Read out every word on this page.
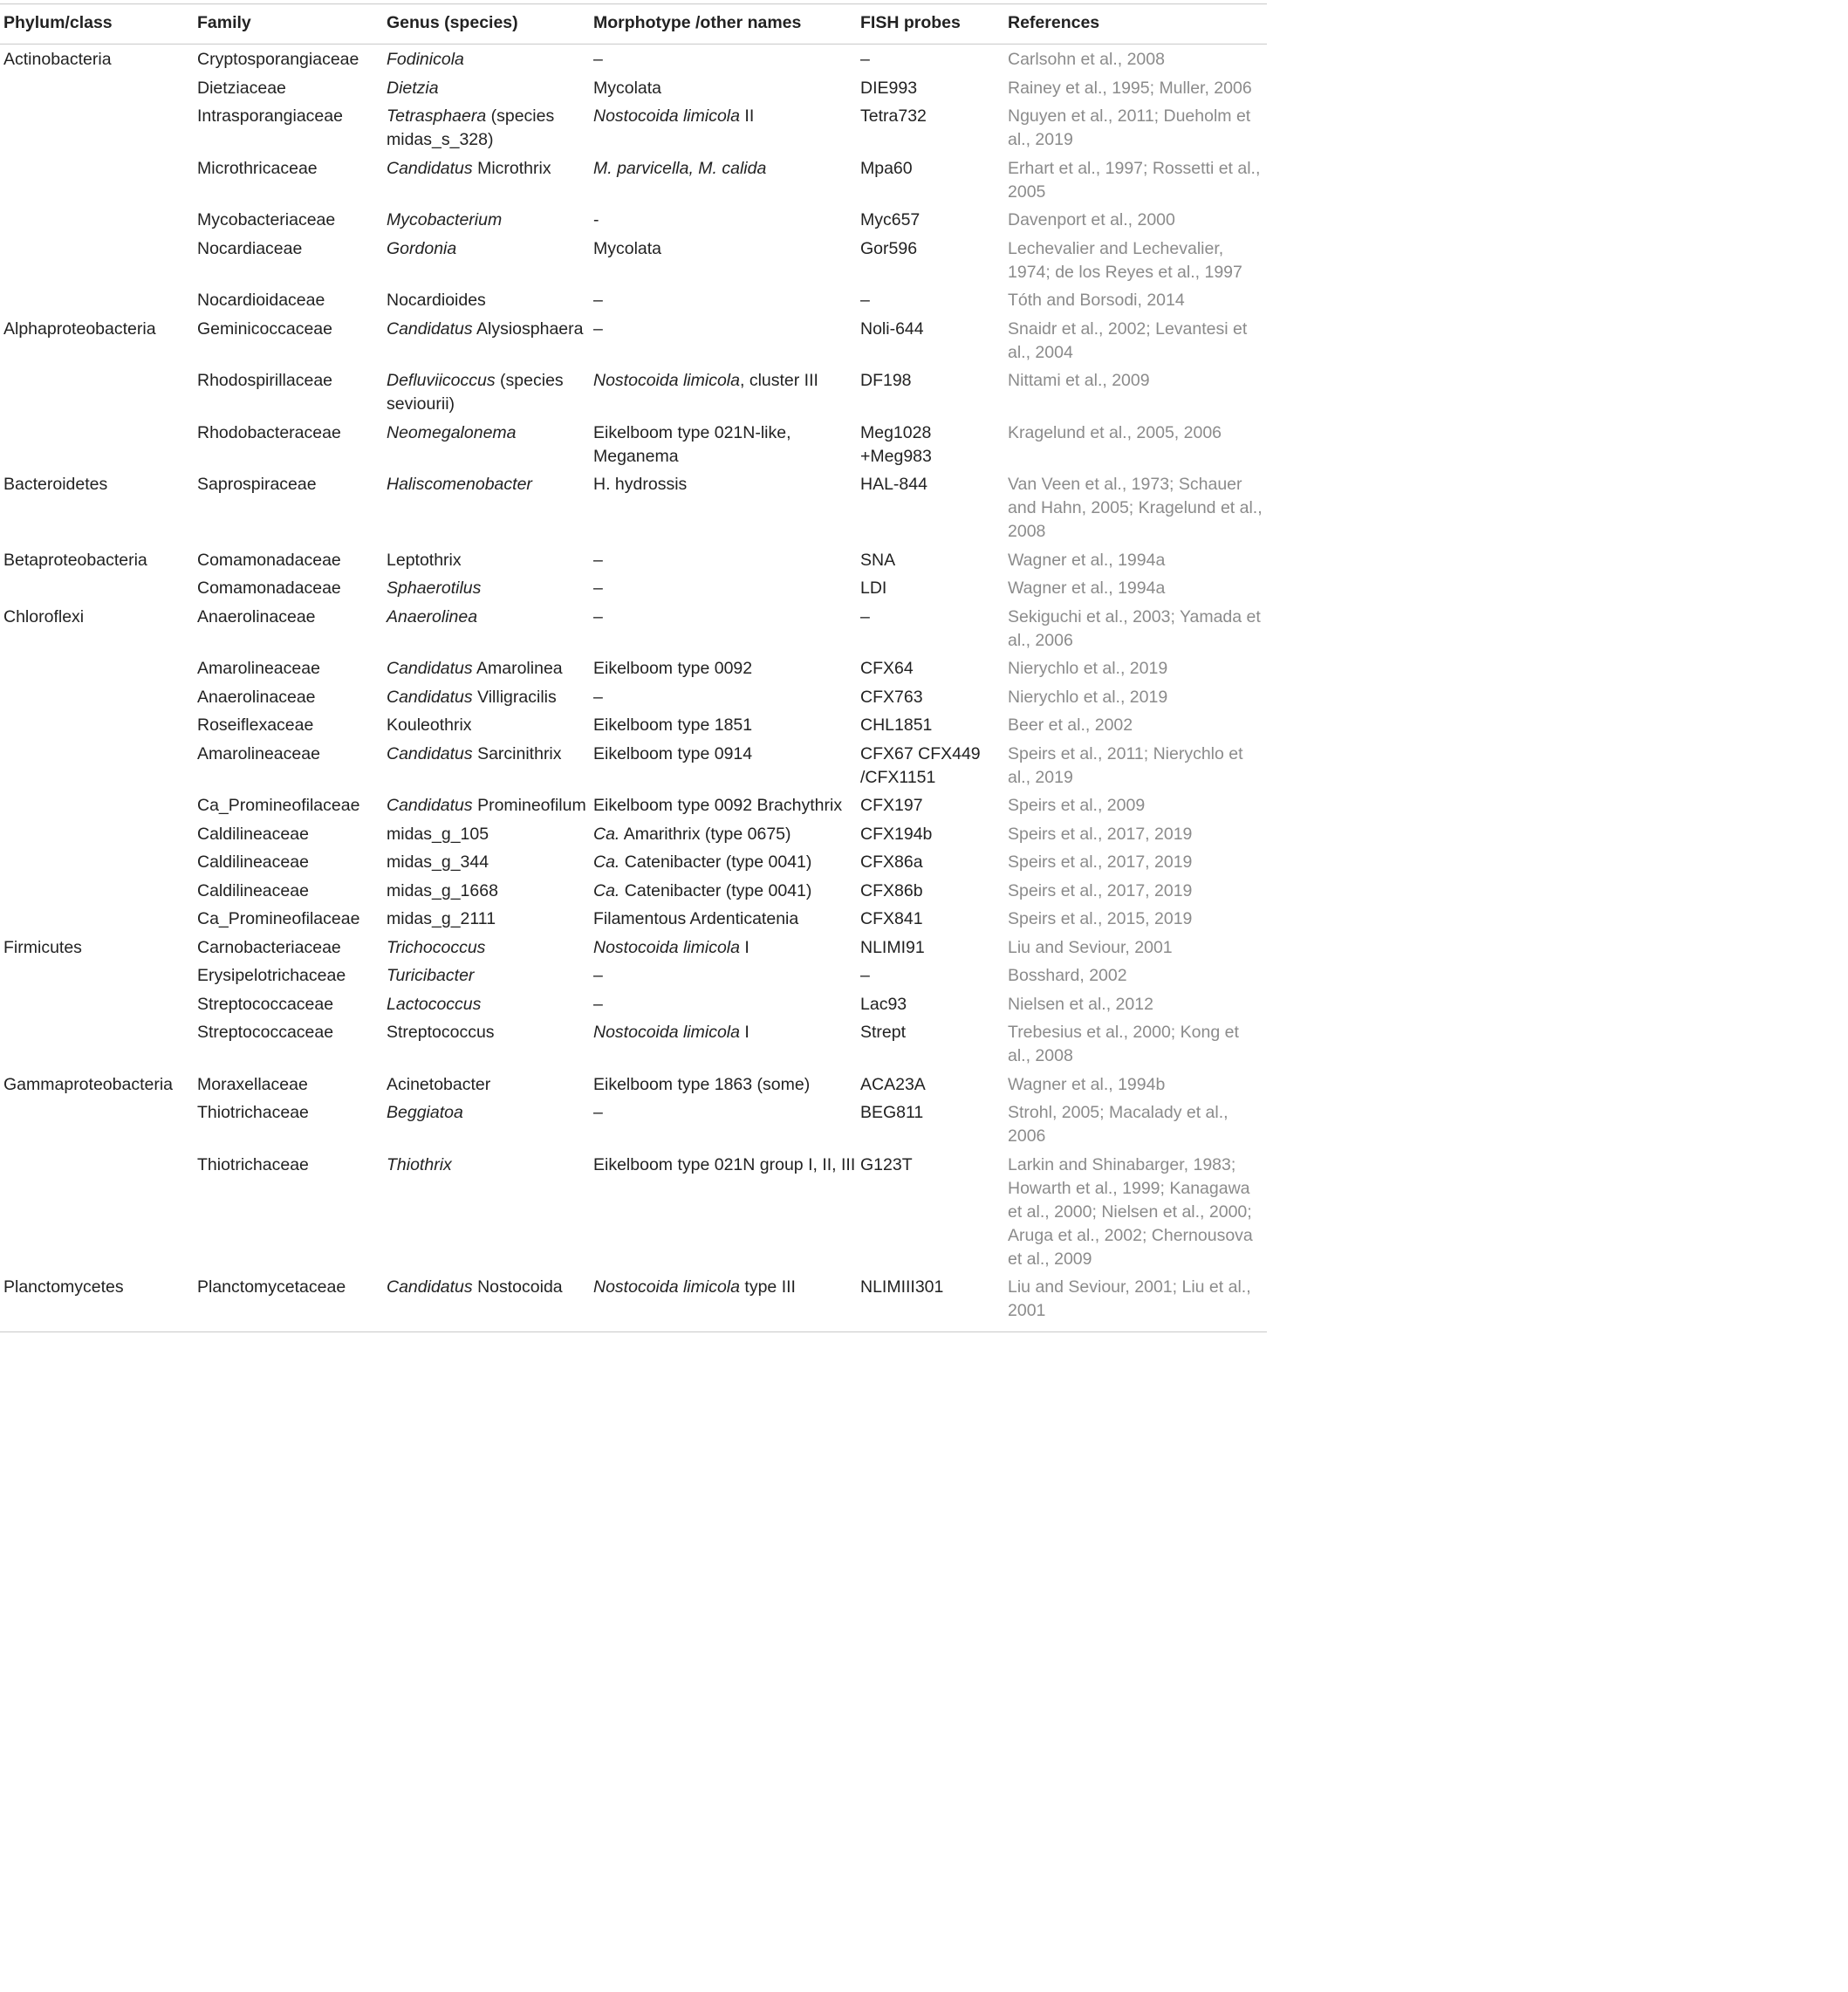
Phylum/class	Family	Genus (species)	Morphotype /other names	FISH probes	References
Actinobacteria	Cryptosporangiaceae	Fodinicola	–	–	Carlsohn et al., 2008
	Dietziaceae	Dietzia	Mycolata	DIE993	Rainey et al., 1995; Muller, 2006
	Intrasporangiaceae	Tetrasphaera (species midas_s_328)	Nostocoida limicola II	Tetra732	Nguyen et al., 2011; Dueholm et al., 2019
	Microthricaceae	Candidatus Microthrix	M. parvicella, M. calida	Mpa60	Erhart et al., 1997; Rossetti et al., 2005
	Mycobacteriaceae	Mycobacterium	-	Myc657	Davenport et al., 2000
	Nocardiaceae	Gordonia	Mycolata	Gor596	Lechevalier and Lechevalier, 1974; de los Reyes et al., 1997
	Nocardioidaceae	Nocardioides	–	–	Tóth and Borsodi, 2014
Alphaproteobacteria	Geminicoccaceae	Candidatus Alysiosphaera	–	Noli-644	Snaidr et al., 2002; Levantesi et al., 2004
	Rhodospirillaceae	Defluviicoccus (species seviourii)	Nostocoida limicola, cluster III	DF198	Nittami et al., 2009
	Rhodobacteraceae	Neomegalonema	Eikelboom type 021N-like, Meganema	Meg1028 +Meg983	Kragelund et al., 2005, 2006
Bacteroidetes	Saprospiraceae	Haliscomenobacter	H. hydrossis	HAL-844	Van Veen et al., 1973; Schauer and Hahn, 2005; Kragelund et al., 2008
Betaproteobacteria	Comamonadaceae	Leptothrix	–	SNA	Wagner et al., 1994a
	Comamonadaceae	Sphaerotilus	–	LDI	Wagner et al., 1994a
Chloroflexi	Anaerolinaceae	Anaerolinea	–	–	Sekiguchi et al., 2003; Yamada et al., 2006
	Amarolineaceae	Candidatus Amarolinea	Eikelboom type 0092	CFX64	Nierychlo et al., 2019
	Anaerolinaceae	Candidatus Villigracilis	–	CFX763	Nierychlo et al., 2019
	Roseiflexaceae	Kouleothrix	Eikelboom type 1851	CHL1851	Beer et al., 2002
	Amarolineaceae	Candidatus Sarcinithrix	Eikelboom type 0914	CFX67 CFX449 /CFX1151	Speirs et al., 2011; Nierychlo et al., 2019
	Ca_Promineofilaceae	Candidatus Promineofilum	Eikelboom type 0092 Brachythrix	CFX197	Speirs et al., 2009
	Caldilineaceae	midas_g_105	Ca. Amarithrix (type 0675)	CFX194b	Speirs et al., 2017, 2019
	Caldilineaceae	midas_g_344	Ca. Catenibacter (type 0041)	CFX86a	Speirs et al., 2017, 2019
	Caldilineaceae	midas_g_1668	Ca. Catenibacter (type 0041)	CFX86b	Speirs et al., 2017, 2019
	Ca_Promineofilaceae	midas_g_2111	Filamentous Ardenticatenia	CFX841	Speirs et al., 2015, 2019
Firmicutes	Carnobacteriaceae	Trichococcus	Nostocoida limicola I	NLIMI91	Liu and Seviour, 2001
	Erysipelotrichaceae	Turicibacter	–	–	Bosshard, 2002
	Streptococcaceae	Lactococcus	–	Lac93	Nielsen et al., 2012
	Streptococcaceae	Streptococcus	Nostocoida limicola I	Strept	Trebesius et al., 2000; Kong et al., 2008
Gammaproteobacteria	Moraxellaceae	Acinetobacter	Eikelboom type 1863 (some)	ACA23A	Wagner et al., 1994b
	Thiotrichaceae	Beggiatoa	–	BEG811	Strohl, 2005; Macalady et al., 2006
	Thiotrichaceae	Thiothrix	Eikelboom type 021N group I, II, III	G123T	Larkin and Shinabarger, 1983; Howarth et al., 1999; Kanagawa et al., 2000; Nielsen et al., 2000; Aruga et al., 2002; Chernousova et al., 2009
Planctomycetes	Planctomycetaceae	Candidatus Nostocoida	Nostocoida limicola type III	NLIMIII301	Liu and Seviour, 2001; Liu et al., 2001
